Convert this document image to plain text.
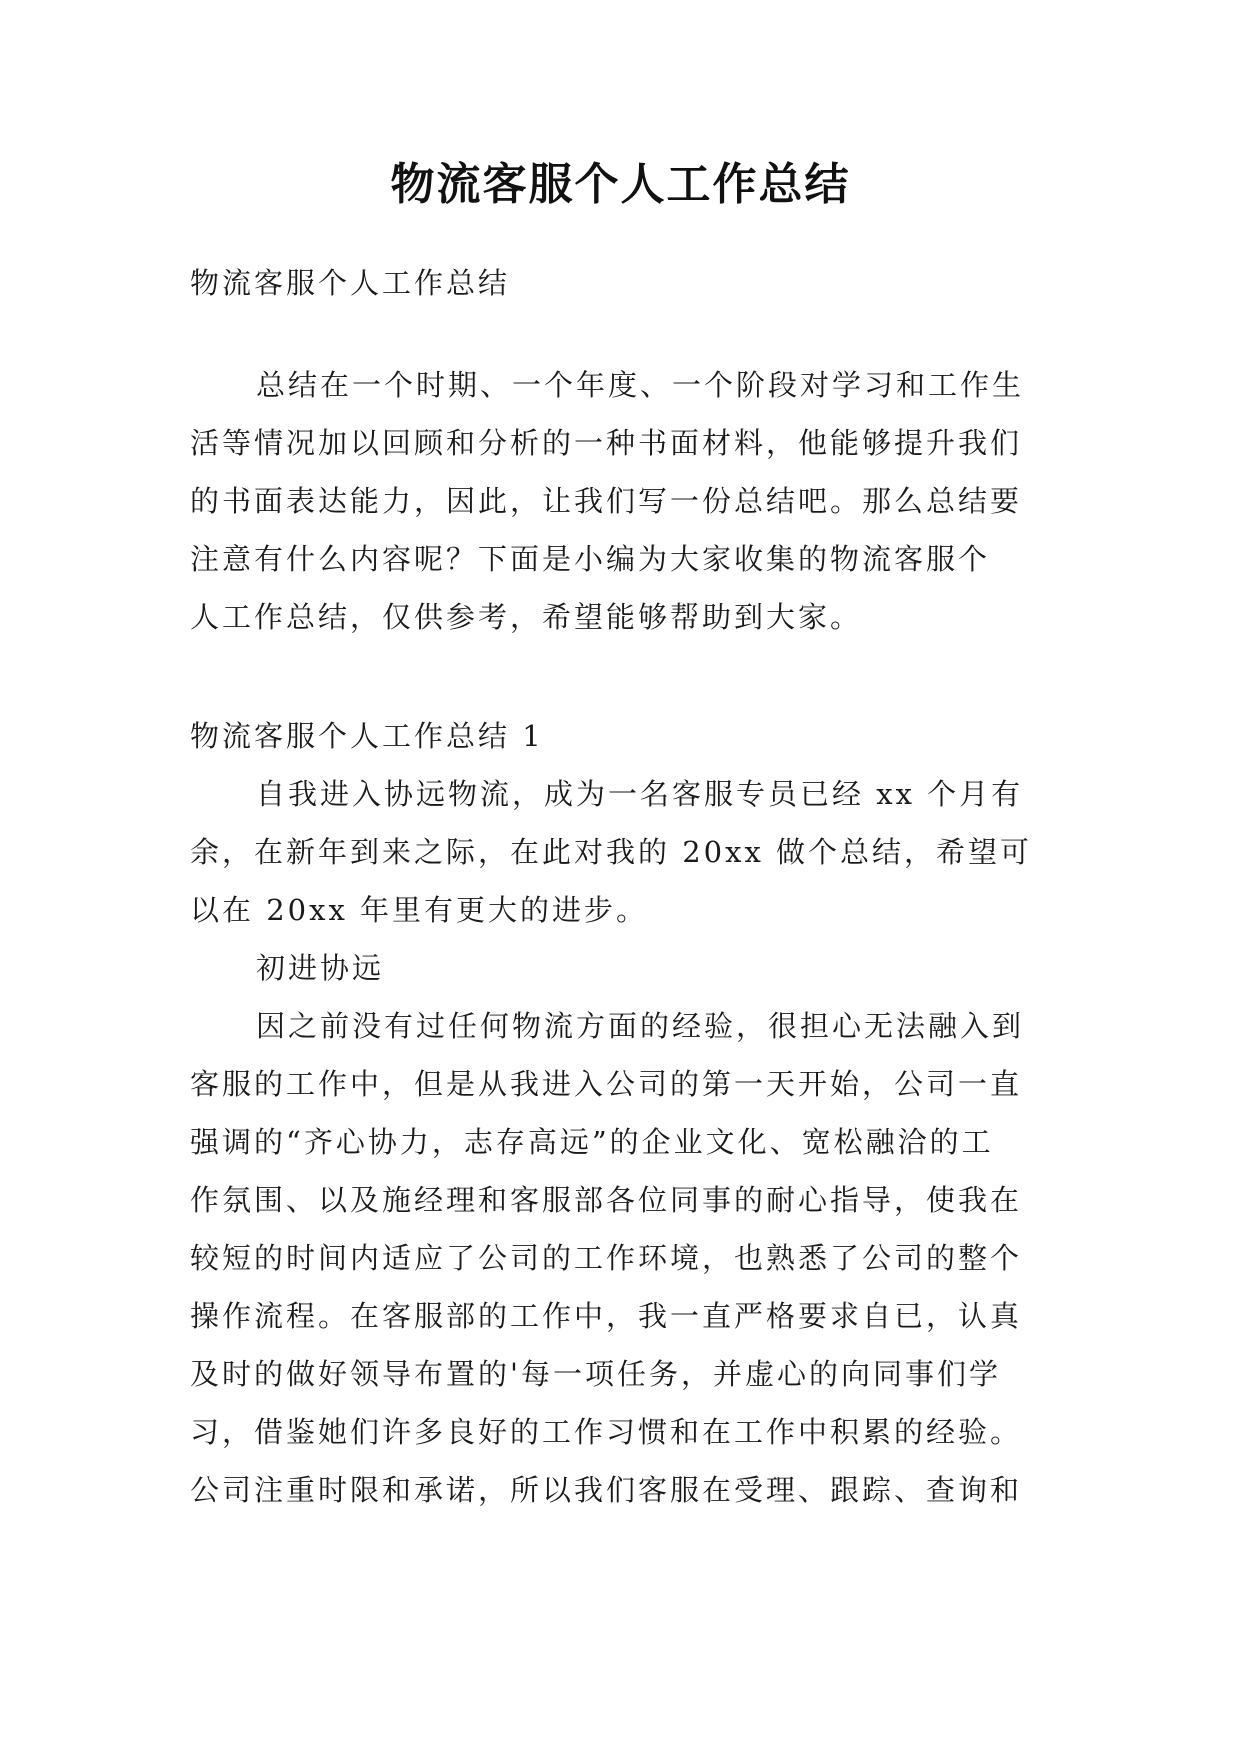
物流客服个人工作总结
物流客服个人工作总结
总结在一个时期、一个年度、一个阶段对学习和工作生
活等情况加以回顾和分析的一种书面材料，他能够提升我们
的书面表达能力，因此，让我们写一份总结吧。那么总结要
注意有什么内容呢？下面是小编为大家收集的物流客服个
人工作总结，仅供参考，希望能够帮助到大家。
物流客服个人工作总结 1
自我进入协远物流，成为一名客服专员已经 xx 个月有
余，在新年到来之际，在此对我的 20xx 做个总结，希望可
以在 20xx 年里有更大的进步。
初进协远
因之前没有过任何物流方面的经验，很担心无法融入到
客服的工作中，但是从我进入公司的第一天开始，公司一直
强调的“齐心协力，志存高远”的企业文化、宽松融洽的工
作氛围、以及施经理和客服部各位同事的耐心指导，使我在
较短的时间内适应了公司的工作环境，也熟悉了公司的整个
操作流程。在客服部的工作中，我一直严格要求自已，认真
及时的做好领导布置的'每一项任务，并虚心的向同事们学
习，借鉴她们许多良好的工作习惯和在工作中积累的经验。
公司注重时限和承诺，所以我们客服在受理、跟踪、查询和
